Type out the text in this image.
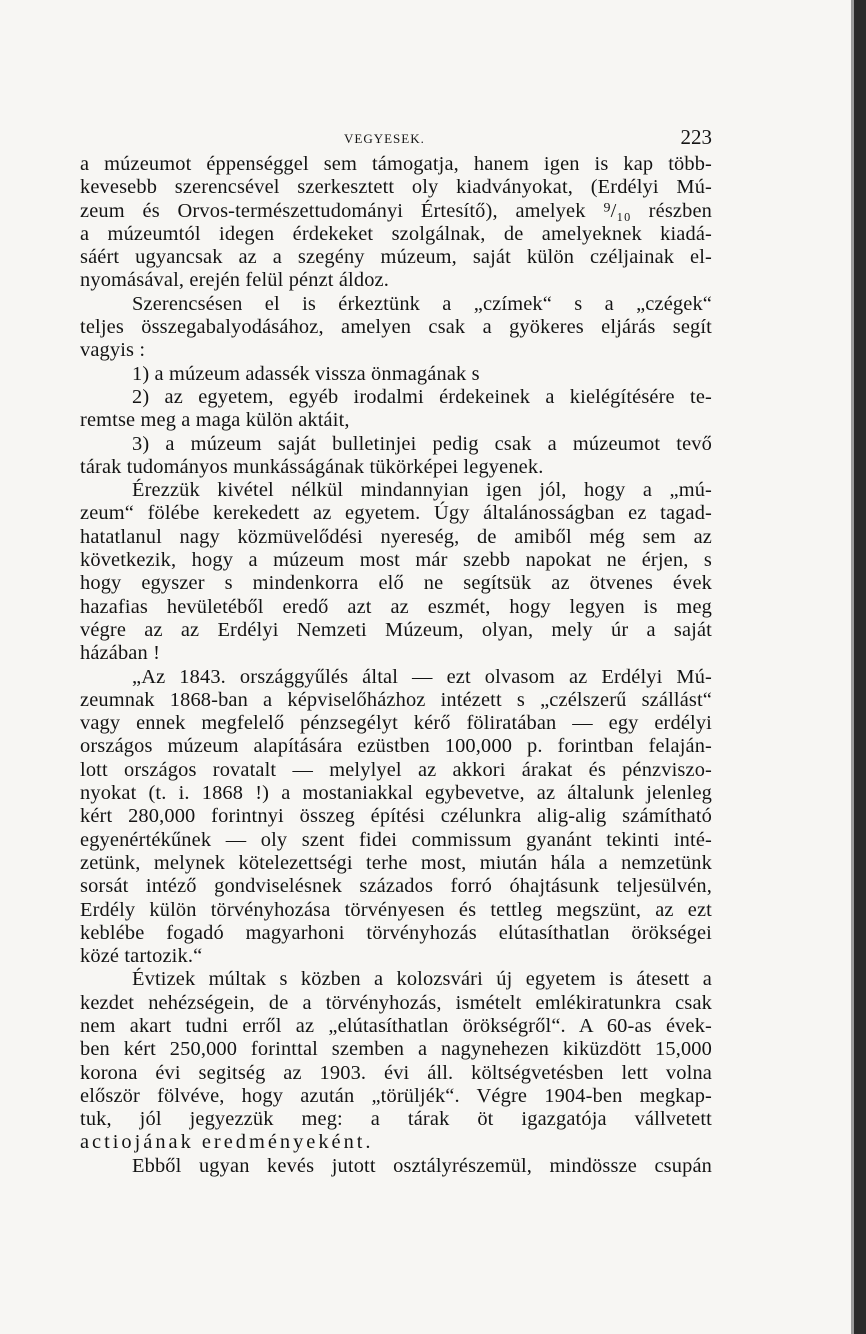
VEGYESEK.	223
a múzeumot éppenséggel sem támogatja, hanem igen is kap több-
kevesebb szerencsével szerkesztett oly kiadványokat, (Erdélyi Mú-
zeum és Orvos-természettudományi Értesítő), amelyek ⁹/₁₀ részben
a múzeumtól idegen érdekeket szolgálnak, de amelyeknek kiadá-
sáért ugyancsak az a szegény múzeum, saját külön czéljainak el-
nyomásával, erején felül pénzt áldoz.
Szerencsésen el is érkeztünk a „czímek“ s a „czégek“
teljes összegabalyodásához, amelyen csak a gyökeres eljárás segít
vagyis :
1) a múzeum adassék vissza önmagának s
2) az egyetem, egyéb irodalmi érdekeinek a kielégítésére te-
remtse meg a maga külön aktáit,
3) a múzeum saját bulletinjei pedig csak a múzeumot tevő
tárak tudományos munkásságának tükörképei legyenek.
Érezzük kivétel nélkül mindannyian igen jól, hogy a „mú-
zeum“ fölébe kerekedett az egyetem. Úgy általánosságban ez tagad-
hatatlanul nagy közmüvelődési nyereség, de amiből még sem az
következik, hogy a múzeum most már szebb napokat ne érjen, s
hogy egyszer s mindenkorra elő ne segítsük az ötvenes évek
hazafias hevületéből eredő azt az eszmét, hogy legyen is meg
végre az az Erdélyi Nemzeti Múzeum, olyan, mely úr a saját
házában !
„Az 1843. országgyűlés által — ezt olvasom az Erdélyi Mú-
zeumnak 1868-ban a képviselőházhoz intézett s „czélszerű szállást“
vagy ennek megfelelő pénzsegélyt kérő föliratában — egy erdélyi
országos múzeum alapítására ezüstben 100,000 p. forintban felaján-
lott országos rovatalt — melylyel az akkori árakat és pénzviszo-
nyokat (t. i. 1868 !) a mostaniakkal egybevetve, az általunk jelenleg
kért 280,000 forintnyi összeg építési czélunkra alig-alig számítható
egyenértékűnek — oly szent fidei commissum gyanánt tekinti inté-
zetünk, melynek kötelezettségi terhe most, miután hála a nemzetünk
sorsát intéző gondviselésnek százados forró óhajtásunk teljesülvén,
Erdély külön törvényhozása törvényesen és tettleg megszünt, az ezt
keblébe fogadó magyarhoni törvényhozás elútasíthatlan örökségei
közé tartozik.“
Évtizek múltak s közben a kolozsvári új egyetem is átesett a
kezdet nehézségein, de a törvényhozás, ismételt emlékiratunkra csak
nem akart tudni erről az „elútasíthatlan örökségről“. A 60-as évek-
ben kért 250,000 forinttal szemben a nagynehezen kiküzdött 15,000
korona évi segitség az 1903. évi áll. költségvetésben lett volna
először fölvéve, hogy azután „törüljék“. Végre 1904-ben megkap-
tuk, jól jegyezzük meg: a tárak öt igazgatója vállvetett
actiojának eredményeként.
Ebből ugyan kevés jutott osztályrészemül, mindössze csupán
